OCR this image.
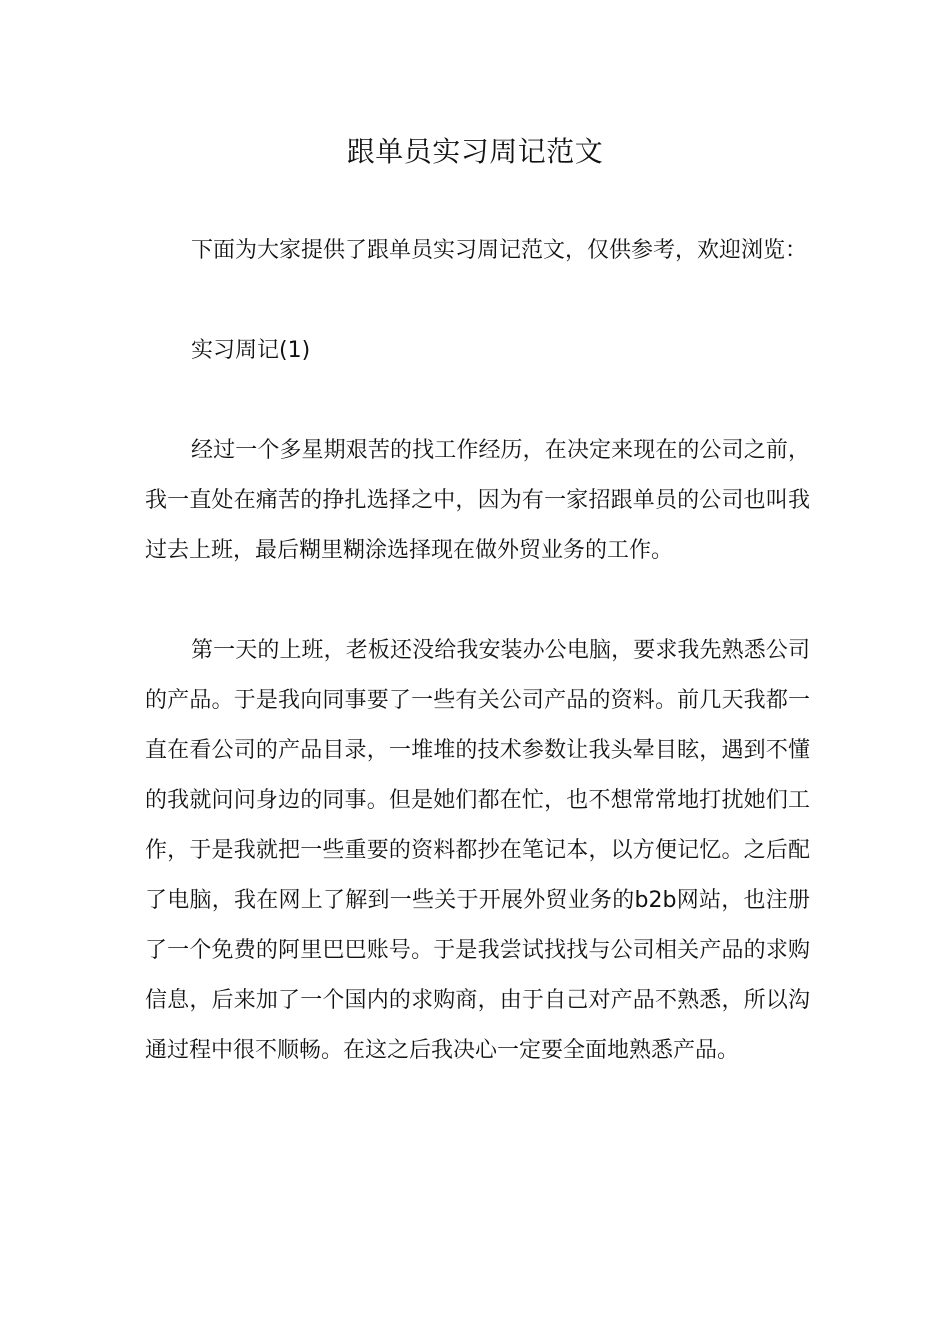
跟单员实习周记范文

下面为大家提供了跟单员实习周记范文，仅供参考，欢迎浏览：

实习周记(1)

经过一个多星期艰苦的找工作经历，在决定来现在的公司之前，我一直处在痛苦的挣扎选择之中，因为有一家招跟单员的公司也叫我过去上班，最后糊里糊涂选择现在做外贸业务的工作。

第一天的上班，老板还没给我安装办公电脑，要求我先熟悉公司的产品。于是我向同事要了一些有关公司产品的资料。前几天我都一直在看公司的产品目录，一堆堆的技术参数让我头晕目眩，遇到不懂的我就问问身边的同事。但是她们都在忙，也不想常常地打扰她们工作，于是我就把一些重要的资料都抄在笔记本，以方便记忆。之后配了电脑，我在网上了解到一些关于开展外贸业务的b2b网站，也注册了一个免费的阿里巴巴账号。于是我尝试找找与公司相关产品的求购信息，后来加了一个国内的求购商，由于自己对产品不熟悉，所以沟通过程中很不顺畅。在这之后我决心一定要全面地熟悉产品。
